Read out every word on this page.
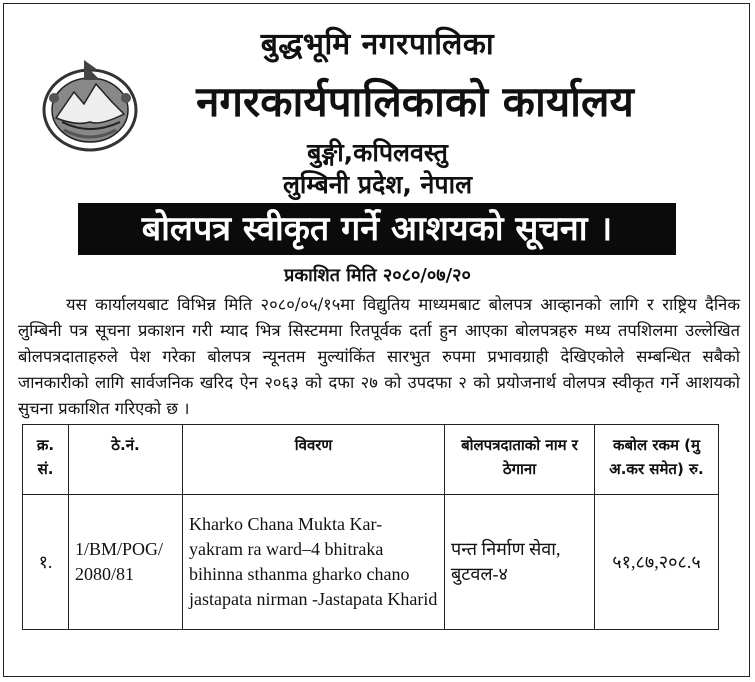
बुद्धभूमि नगरपालिका
नगरकार्यपालिकाको कार्यालय
बुङ्गी,कपिलवस्तु
लुम्बिनी प्रदेश, नेपाल
बोलपत्र स्वीकृत गर्ने आशयको सूचना ।
प्रकाशित मिति २०८०/०७/२०
यस कार्यालयबाट विभिन्न मिति २०८०/०५/१५मा विद्युतिय माध्यमबाट बोलपत्र आव्हानको लागि र राष्ट्रिय दैनिक लुम्बिनी पत्र सूचना प्रकाशन गरी म्याद भित्र सिस्टममा रितपूर्वक दर्ता हुन आएका बोलपत्रहरु मध्य तपशिलमा उल्लेखित बोलपत्रदाताहरुले पेश गरेका बोलपत्र न्यूनतम मुल्यांकिंत सारभुत रुपमा प्रभावग्राही देखिएकोले सम्बन्धित सबैको जानकारीको लागि सार्वजनिक खरिद ऐन २०६३ को दफा २७ को उपदफा २ को प्रयोजनार्थ वोलपत्र स्वीकृत गर्ने आशयको सुचना प्रकाशित गरिएको छ ।
क्र. सं.	ठे.नं.	विवरण	बोलपत्रदाताको नाम र ठेगाना	कबोल रकम (मु अ.कर समेत) रु.
१.	1/BM/POG/ 2080/81	Kharko Chana Mukta Kar- yakram ra ward–4 bhitraka bihinna sthanma gharko chano jastapata nirman -Jastapata Kharid	पन्त निर्माण सेवा, बुटवल-४	५१,८७,२०८.५
